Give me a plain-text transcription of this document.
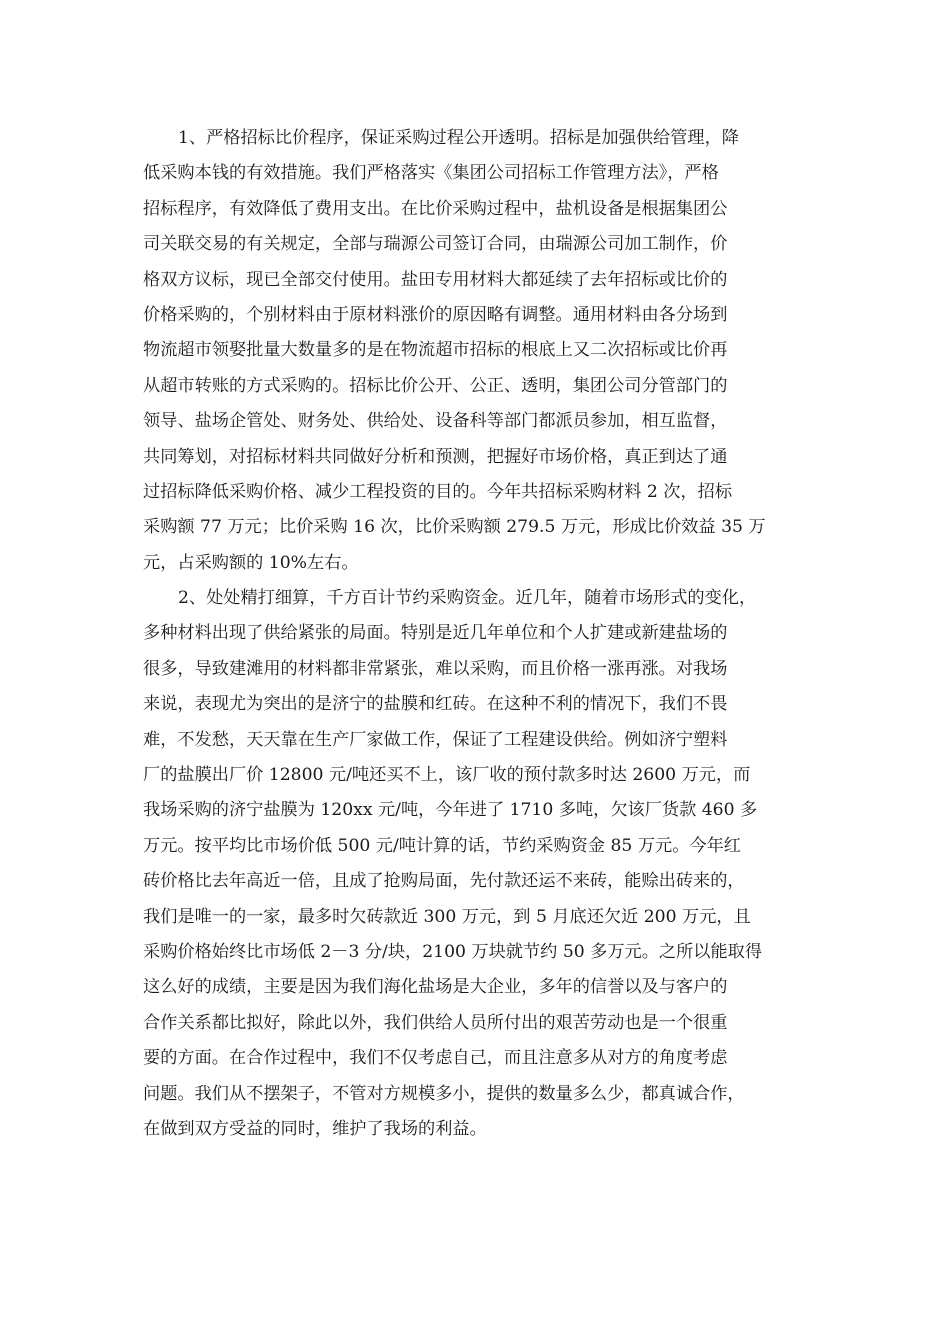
1、严格招标比价程序，保证采购过程公开透明。招标是加强供给管理，降
低采购本钱的有效措施。我们严格落实《集团公司招标工作管理方法》，严格
招标程序，有效降低了费用支出。在比价采购过程中，盐机设备是根据集团公
司关联交易的有关规定，全部与瑞源公司签订合同，由瑞源公司加工制作，价
格双方议标，现已全部交付使用。盐田专用材料大都延续了去年招标或比价的
价格采购的，个别材料由于原材料涨价的原因略有调整。通用材料由各分场到
物流超市领娶批量大数量多的是在物流超市招标的根底上又二次招标或比价再
从超市转账的方式采购的。招标比价公开、公正、透明，集团公司分管部门的
领导、盐场企管处、财务处、供给处、设备科等部门都派员参加，相互监督，
共同筹划，对招标材料共同做好分析和预测，把握好市场价格，真正到达了通
过招标降低采购价格、减少工程投资的目的。今年共招标采购材料 2 次，招标
采购额 77 万元；比价采购 16 次，比价采购额 279.5 万元，形成比价效益 35 万
元，占采购额的 10%左右。
2、处处精打细算，千方百计节约采购资金。近几年，随着市场形式的变化，
多种材料出现了供给紧张的局面。特别是近几年单位和个人扩建或新建盐场的
很多，导致建滩用的材料都非常紧张，难以采购，而且价格一涨再涨。对我场
来说，表现尤为突出的是济宁的盐膜和红砖。在这种不利的情况下，我们不畏
难，不发愁，天天靠在生产厂家做工作，保证了工程建设供给。例如济宁塑料
厂的盐膜出厂价 12800 元/吨还买不上，该厂收的预付款多时达 2600 万元，而
我场采购的济宁盐膜为 120xx 元/吨，今年进了 1710 多吨，欠该厂货款 460 多
万元。按平均比市场价低 500 元/吨计算的话，节约采购资金 85 万元。今年红
砖价格比去年高近一倍，且成了抢购局面，先付款还运不来砖，能赊出砖来的，
我们是唯一的一家，最多时欠砖款近 300 万元，到 5 月底还欠近 200 万元，且
采购价格始终比市场低 2－3 分/块，2100 万块就节约 50 多万元。之所以能取得
这么好的成绩，主要是因为我们海化盐场是大企业，多年的信誉以及与客户的
合作关系都比拟好，除此以外，我们供给人员所付出的艰苦劳动也是一个很重
要的方面。在合作过程中，我们不仅考虑自己，而且注意多从对方的角度考虑
问题。我们从不摆架子，不管对方规模多小，提供的数量多么少，都真诚合作，
在做到双方受益的同时，维护了我场的利益。
